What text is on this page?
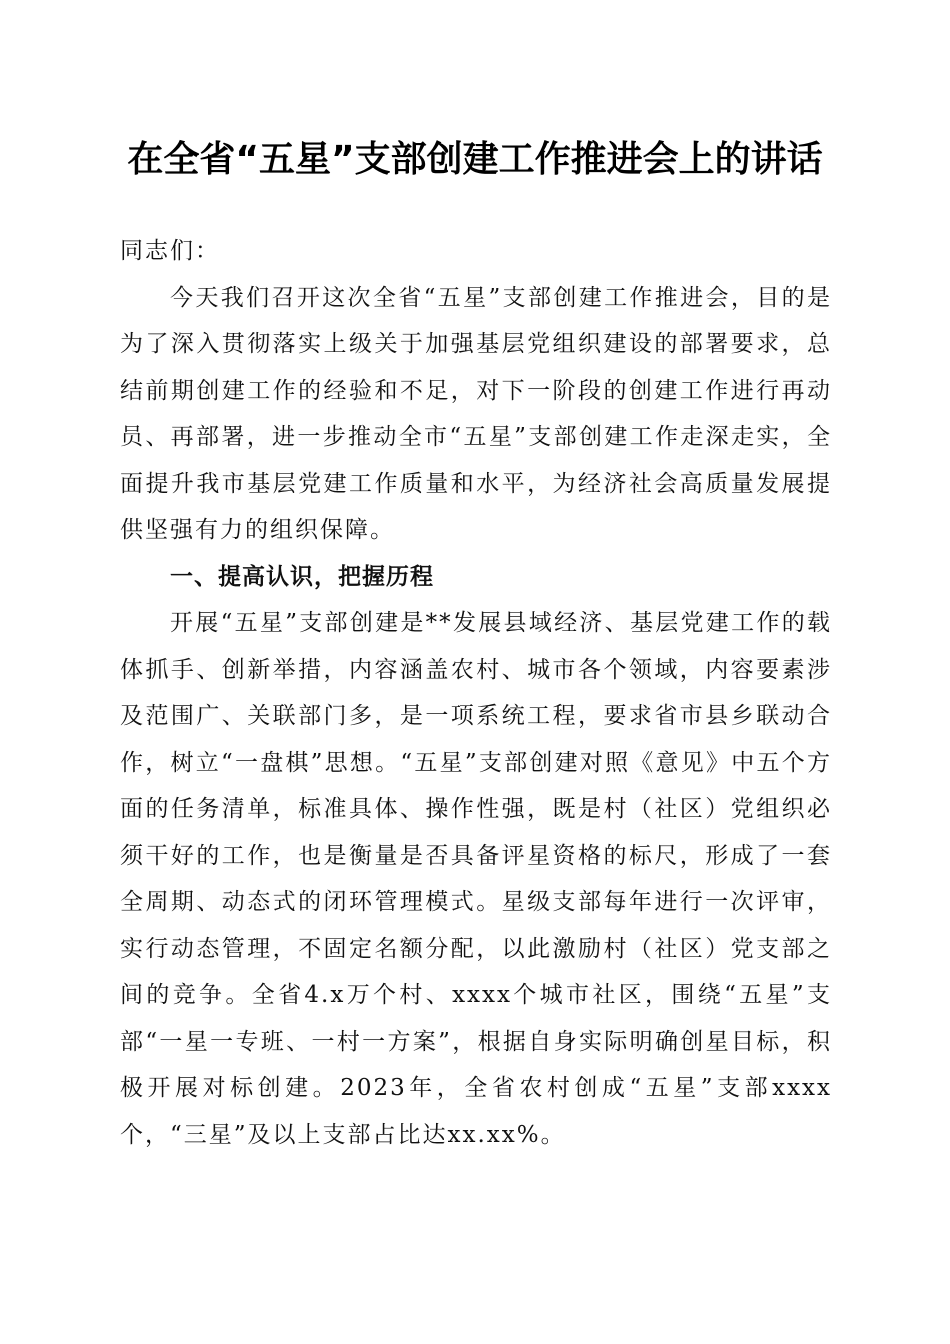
在全省“五星”支部创建工作推进会上的讲话

同志们：

今天我们召开这次全省“五星”支部创建工作推进会，目的是为了深入贯彻落实上级关于加强基层党组织建设的部署要求，总结前期创建工作的经验和不足，对下一阶段的创建工作进行再动员、再部署，进一步推动全市“五星”支部创建工作走深走实，全面提升我市基层党建工作质量和水平，为经济社会高质量发展提供坚强有力的组织保障。

一、提高认识，把握历程

开展“五星”支部创建是**发展县域经济、基层党建工作的载体抓手、创新举措，内容涵盖农村、城市各个领域，内容要素涉及范围广、关联部门多，是一项系统工程，要求省市县乡联动合作，树立“一盘棋”思想。“五星”支部创建对照《意见》中五个方面的任务清单，标准具体、操作性强，既是村（社区）党组织必须干好的工作，也是衡量是否具备评星资格的标尺，形成了一套全周期、动态式的闭环管理模式。星级支部每年进行一次评审，实行动态管理，不固定名额分配，以此激励村（社区）党支部之间的竞争。全省4.x万个村、xxxx个城市社区，围绕“五星”支部“一星一专班、一村一方案”，根据自身实际明确创星目标，积极开展对标创建。2023年，全省农村创成“五星”支部xxxx个，“三星”及以上支部占比达xx.xx%。
